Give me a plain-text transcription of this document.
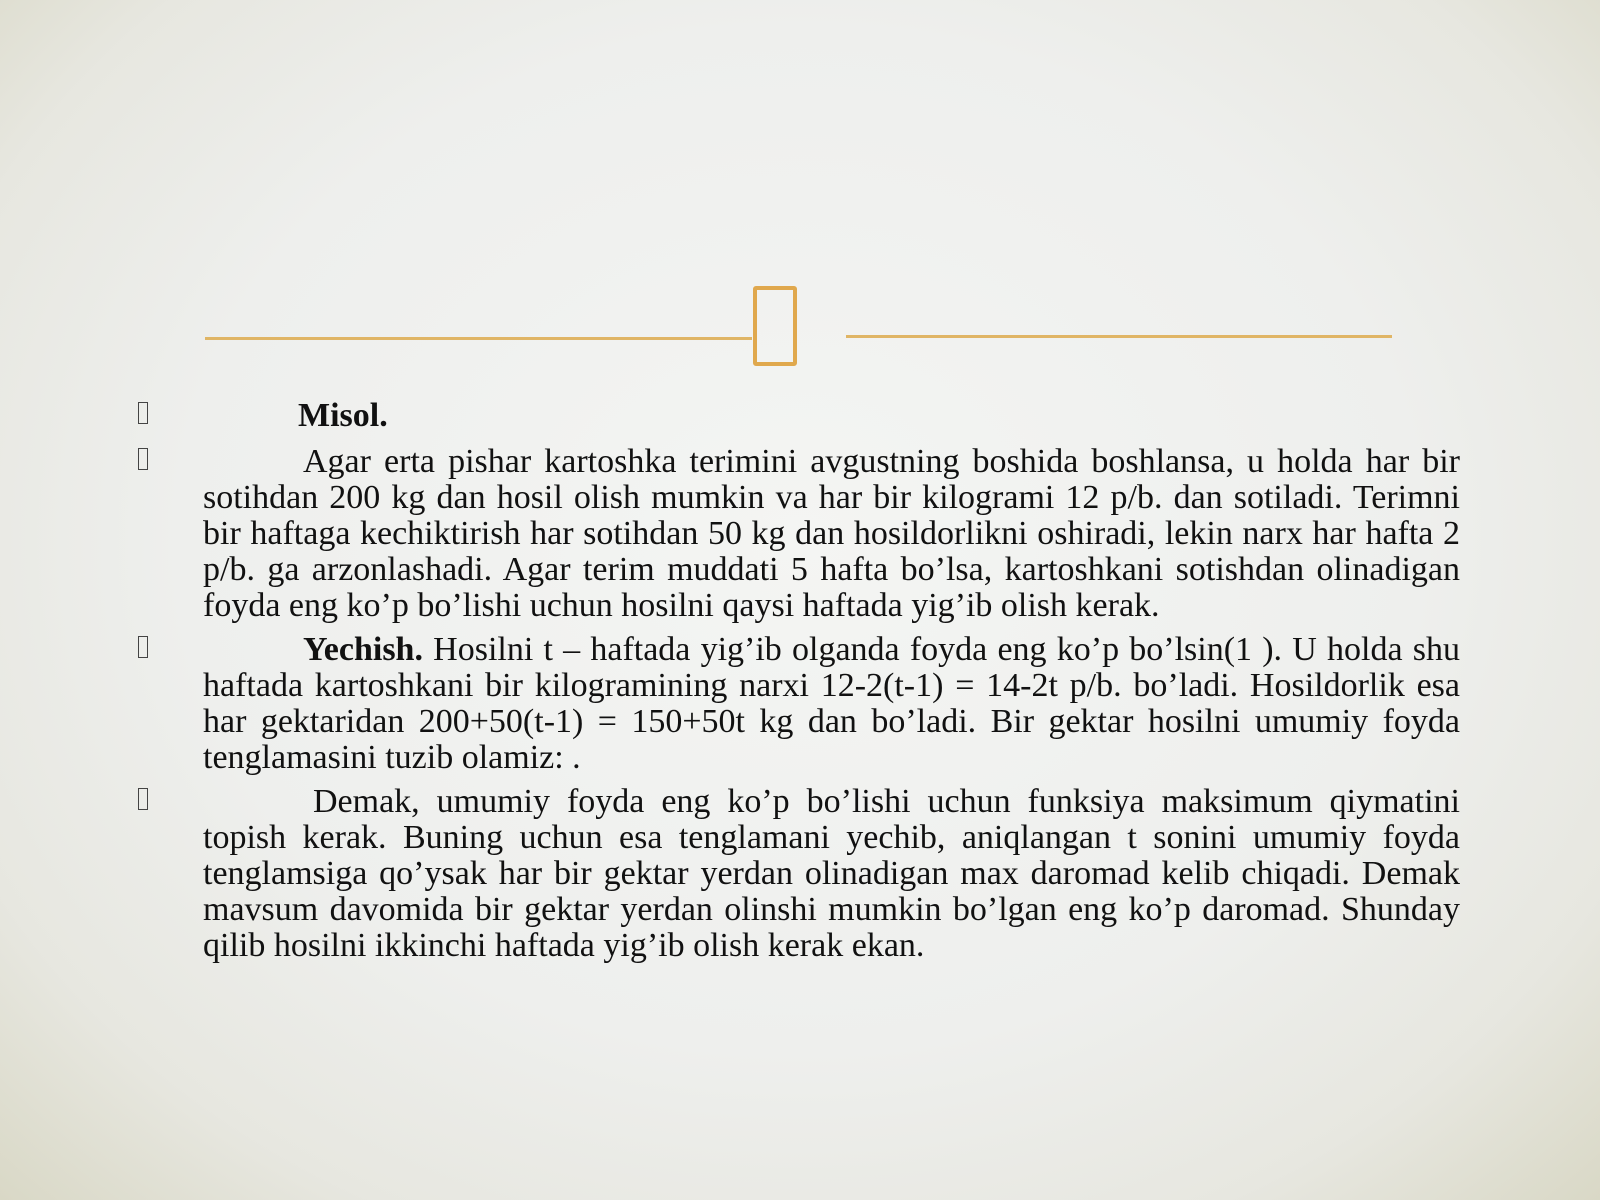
Misol.

Agar erta pishar kartoshka terimini avgustning boshida boshlansa, u holda har bir sotihdan 200 kg dan hosil olish mumkin va har bir kilogrami 12 p/b. dan sotiladi. Terimni bir haftaga kechiktirish har sotihdan 50 kg dan hosildorlikni oshiradi, lekin narx har hafta 2 p/b. ga arzonlashadi. Agar terim muddati 5 hafta bo’lsa, kartoshkani sotishdan olinadigan foyda eng ko’p bo’lishi uchun hosilni qaysi haftada yig’ib olish kerak.

Yechish. Hosilni t – haftada yig’ib olganda foyda eng ko’p bo’lsin(1 ). U holda shu haftada kartoshkani bir kilogramining narxi 12-2(t-1) = 14-2t p/b. bo’ladi. Hosildorlik esa har gektaridan 200+50(t-1) = 150+50t kg dan bo’ladi. Bir gektar hosilni umumiy foyda tenglamasini tuzib olamiz: .

Demak, umumiy foyda eng ko’p bo’lishi uchun funksiya maksimum qiymatini topish kerak. Buning uchun esa tenglamani yechib, aniqlangan t sonini umumiy foyda tenglamsiga qo’ysak har bir gektar yerdan olinadigan max daromad kelib chiqadi. Demak mavsum davomida bir gektar yerdan olinshi mumkin bo’lgan eng ko’p daromad. Shunday qilib hosilni ikkinchi haftada yig’ib olish kerak ekan.
